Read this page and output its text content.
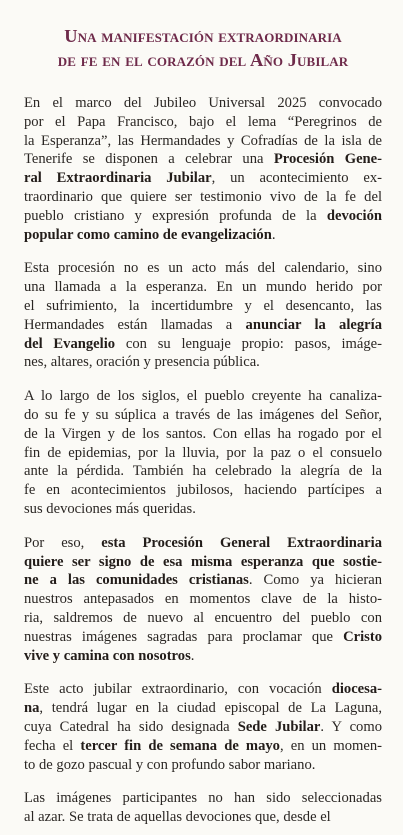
Una manifestación extraordinaria
de fe en el corazón del Año Jubilar

En el marco del Jubileo Universal 2025 convocado
por el Papa Francisco, bajo el lema “Peregrinos de
la Esperanza”, las Hermandades y Cofradías de la isla de
Tenerife se disponen a celebrar una Procesión Gene-
ral Extraordinaria Jubilar, un acontecimiento ex-
traordinario que quiere ser testimonio vivo de la fe del
pueblo cristiano y expresión profunda de la devoción
popular como camino de evangelización.

Esta procesión no es un acto más del calendario, sino
una llamada a la esperanza. En un mundo herido por
el sufrimiento, la incertidumbre y el desencanto, las
Hermandades están llamadas a anunciar la alegría
del Evangelio con su lenguaje propio: pasos, imáge-
nes, altares, oración y presencia pública.

A lo largo de los siglos, el pueblo creyente ha canaliza-
do su fe y su súplica a través de las imágenes del Señor,
de la Virgen y de los santos. Con ellas ha rogado por el
fin de epidemias, por la lluvia, por la paz o el consuelo
ante la pérdida. También ha celebrado la alegría de la
fe en acontecimientos jubilosos, haciendo partícipes a
sus devociones más queridas.

Por eso, esta Procesión General Extraordinaria
quiere ser signo de esa misma esperanza que sostie-
ne a las comunidades cristianas. Como ya hicieran
nuestros antepasados en momentos clave de la histo-
ria, saldremos de nuevo al encuentro del pueblo con
nuestras imágenes sagradas para proclamar que Cristo
vive y camina con nosotros.

Este acto jubilar extraordinario, con vocación diocesa-
na, tendrá lugar en la ciudad episcopal de La Laguna,
cuya Catedral ha sido designada Sede Jubilar. Y como
fecha el tercer fin de semana de mayo, en un momen-
to de gozo pascual y con profundo sabor mariano.

Las imágenes participantes no han sido seleccionadas
al azar. Se trata de aquellas devociones que, desde el
